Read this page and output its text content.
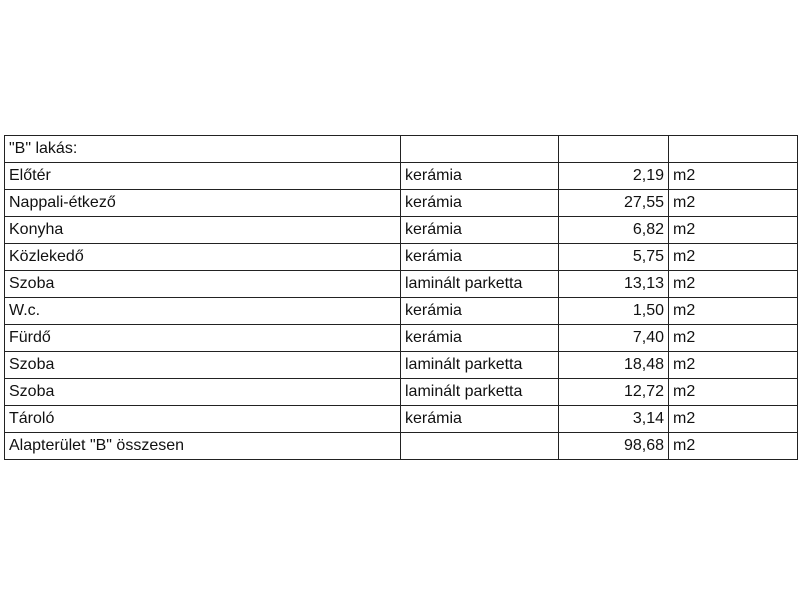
"B" lakás:			
Előtér	kerámia	2,19	m2
Nappali-étkező	kerámia	27,55	m2
Konyha	kerámia	6,82	m2
Közlekedő	kerámia	5,75	m2
Szoba	laminált parketta	13,13	m2
W.c.	kerámia	1,50	m2
Fürdő	kerámia	7,40	m2
Szoba	laminált parketta	18,48	m2
Szoba	laminált parketta	12,72	m2
Tároló	kerámia	3,14	m2
Alapterület "B" összesen		98,68	m2
